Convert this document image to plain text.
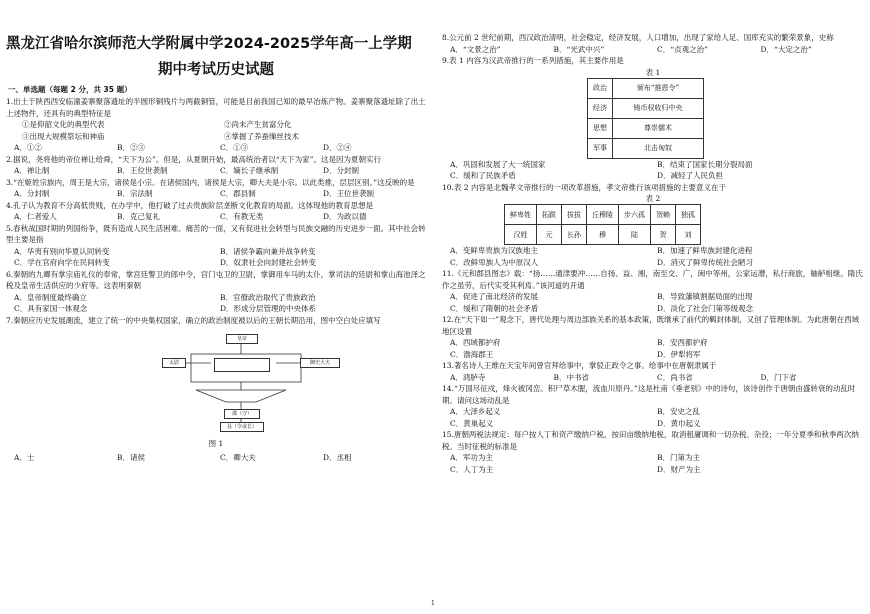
黑龙江省哈尔滨师范大学附属中学2024-2025学年高一上学期
期中考试历史试题
一、单选题（每题 2 分，共 35 题）

1.出土于陕西西安临潼姜寨聚落遗址的半圆形铜残片与两截铜管，可能是目前我国已知的最早冶炼产物。姜寨聚落遗址除了出土上述物件，还具有的典型特征是

①是仰韶文化的典型代表	②尚未产生贫富分化
③出现大规模祭坛和神庙	④掌握了养蚕缫丝技术
A．①②	B．②③	C．①③	D．②④

2.据说，尧将他的帝位禅让给舜，“天下为公”。但是，从夏朝开始，最高统治者以“天下为家”。这是因为夏朝实行

A．禅让制	B．王位世袭制	C．嫡长子继承制	D．分封制

3.“在姬姓宗族内，周王是大宗，诸侯是小宗。在诸侯国内，诸侯是大宗，卿大夫是小宗。以此类推，层层区别。”这反映的是

A．分封制	B．宗法制	C．郡县制	D．王位世袭制

4.孔子认为教育不分高低贵贱，在办学中，他打破了过去贵族阶层垄断文化教育的局面。这体现他的教育思想是

A．仁者爱人	B．克己复礼	C．有教无类	D．为政以德

5.春秋战国时期的列国纷争，既有造成人民生活困难、痛苦的一面，又有促进社会转型与民族交融的历史进步一面。其中社会转型主要是指

A．华夷有别向华夏认同转变	B．诸侯争霸向兼并战争转变
C．学在官府向学在民间转变	D．奴隶社会向封建社会转变

6.秦朝的九卿有掌宗庙礼仪的奉常，掌宫廷警卫的郎中令，宫门屯卫的卫尉，掌御用车马的太仆，掌司法的廷尉和掌山海池泽之税及皇帝生活供应的少府等。这表明秦朝

A．皇帝制度最终确立	B．官僚政治取代了贵族政治
C．具有家国一体观念	D．形成分层管理的中央体系

7.秦朝应历史发展潮流，建立了统一的中央集权国家，确立的政治制度被以后的王朝长期沿用，图中空白处应填写

皇帝
太尉	御史大夫
郡（守）
县（令或长）
图 1
A．士	B．诸侯	C．卿大夫	D．丞相

8.公元前 2 世纪前期，西汉政治清明，社会稳定，经济发展，人口增加，出现了家给人足、国库充实的繁荣景象，史称

A．“文景之治”	B．“光武中兴”	C．“贞观之治”	D．“大定之治”

9.表 1 内容为汉武帝推行的一系列措施，其主要作用是

表 1
政治	颁布“推恩令”
经济	铸币权收归中央
思想	尊崇儒术
军事	北击匈奴
A．巩固和发展了大一统国家	B．结束了国家长期分裂局面
C．缓和了民族矛盾	D．减轻了人民负担

10.表 2 内容是北魏孝文帝推行的一项改革措施，孝文帝推行该项措施的主要意义在于

表 2
鲜卑姓	拓跋	拔拔	丘穆陵	步六孤	贺赖	独孤
汉姓	元	长孙	穆	陆	贺	刘
A．变鲜卑贵族为汉族地主	B．加速了鲜卑族封建化进程
C．改鲜卑族人为中原汉人	D．消灭了鲜卑传统社会陋习

11.《元和郡县图志》载：“扬……通津要冲……自扬、益、湘，南至交、广，闽中等州，公家运漕，私行商旅，舳舻相继。隋氏作之虽劳，后代实受其利焉。”该河道的开通

A．促进了南北经济的发展	B．导致藩镇割据局面的出现
C．缓和了隋朝的社会矛盾	D．淡化了社会门第等级观念

12.在“天下如一”观念下，唐代处理与周边部族关系的基本政策，既继承了前代的羁封体制，又创了管理体制。为此唐朝在西域地区设置

A．西域都护府	B．安西都护府
C．渤海郡王	D．伊犁将军

13.著名诗人王维在天宝年间曾官拜给事中，掌驳正政令之事。给事中在唐朝隶属于

A．鸿胪寺	B．中书省	C．尚书省	D．门下省

14.“万国尽征戍，烽火被冈峦。积尸草木腥，流血川原丹。”这是杜甫《垂老别》中的诗句，该诗创作于唐朝由盛转衰的动乱时期。请问这场动乱是

A．大泽乡起义	B．安史之乱
C．黄巢起义	D．黄巾起义

15.唐朝两税法规定：每户按人丁和资产缴纳户税，按田亩缴纳地税，取消租庸调和一切杂税、杂役；一年分夏季和秋季两次纳税。当时征税的标准是

A．军功为主	B．门第为主
C．人丁为主	D．财产为主
1
